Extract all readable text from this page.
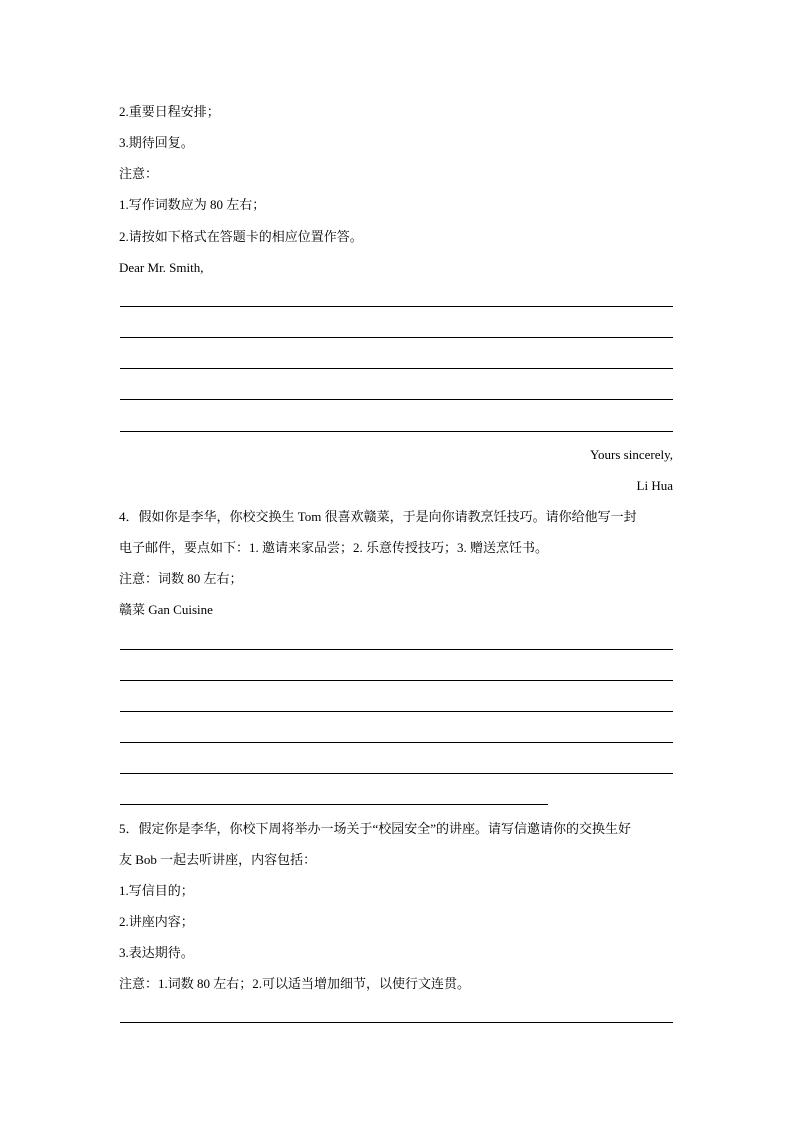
2.重要日程安排；
3.期待回复。
注意：
1.写作词数应为 80 左右；
2.请按如下格式在答题卡的相应位置作答。
Dear Mr. Smith,
Yours sincerely,
Li Hua
4．假如你是李华，你校交换生 Tom 很喜欢赣菜，于是向你请教烹饪技巧。请你给他写一封
电子邮件，要点如下：1. 邀请来家品尝；2. 乐意传授技巧；3. 赠送烹饪书。
注意：词数 80 左右；
赣菜 Gan Cuisine
5．假定你是李华，你校下周将举办一场关于“校园安全”的讲座。请写信邀请你的交换生好
友 Bob 一起去听讲座，内容包括：
1.写信目的；
2.讲座内容；
3.表达期待。
注意：1.词数 80 左右；2.可以适当增加细节，以使行文连贯。
